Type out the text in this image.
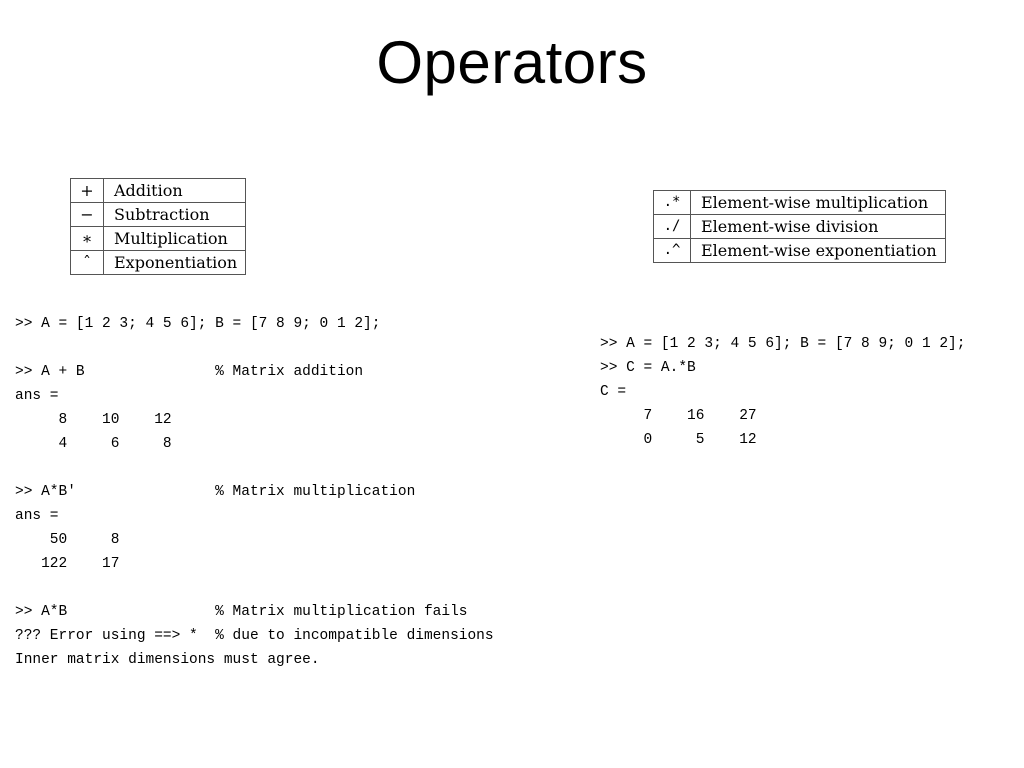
Operators
+	Addition
−	Subtraction
∗	Multiplication
ˆ	Exponentiation
.*	Element-wise multiplication
./	Element-wise division
.^	Element-wise exponentiation
>> A = [1 2 3; 4 5 6]; B = [7 8 9; 0 1 2];

>> A + B               % Matrix addition
ans =
8    10    12
4     6     8

>> A*B'                % Matrix multiplication
ans =
50     8
122    17

>> A*B                 % Matrix multiplication fails
??? Error using ==> *  % due to incompatible dimensions
Inner matrix dimensions must agree.
>> A = [1 2 3; 4 5 6]; B = [7 8 9; 0 1 2];
>> C = A.*B
C =
7    16    27
0     5    12
